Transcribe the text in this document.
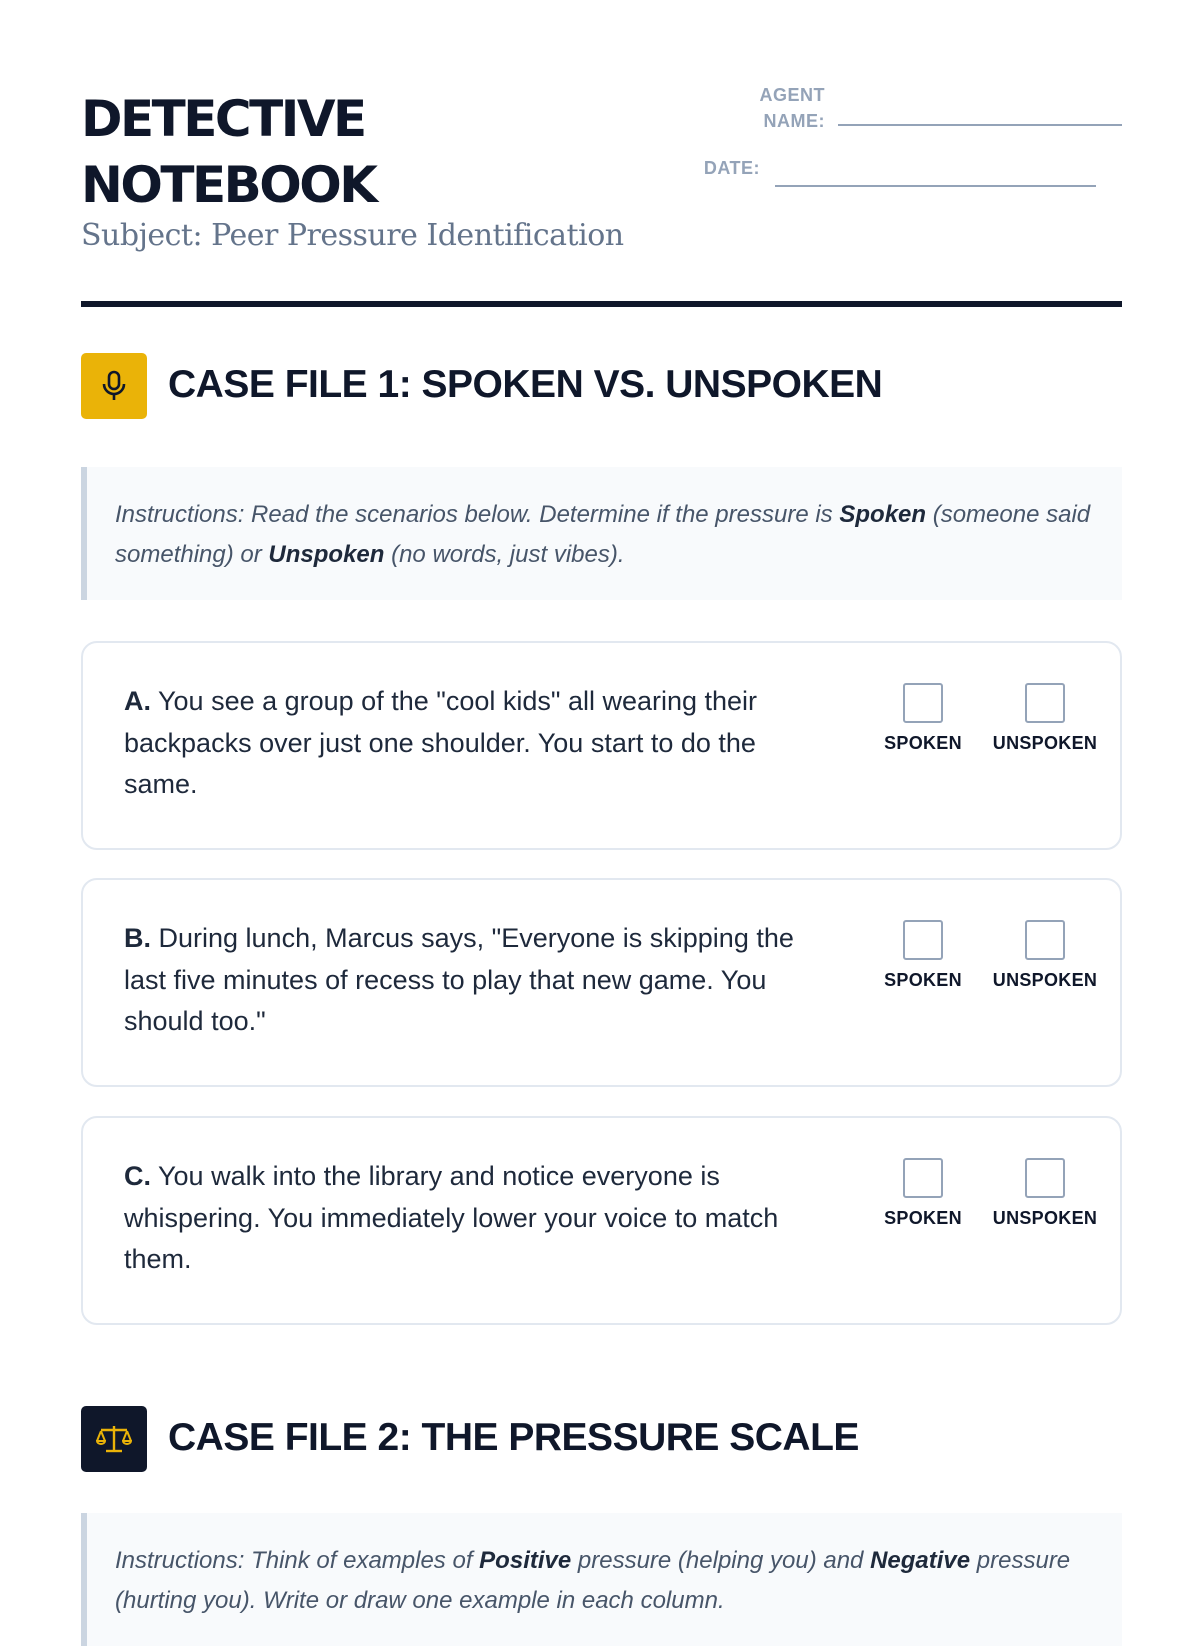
DETECTIVE
NOTEBOOK
Subject: Peer Pressure Identification
AGENT
NAME:
DATE:
CASE FILE 1: SPOKEN VS. UNSPOKEN
Instructions: Read the scenarios below. Determine if the pressure is Spoken (someone said something) or Unspoken (no words, just vibes).
A. You see a group of the "cool kids" all wearing their backpacks over just one shoulder. You start to do the same.
SPOKEN	UNSPOKEN
B. During lunch, Marcus says, "Everyone is skipping the last five minutes of recess to play that new game. You should too."
SPOKEN	UNSPOKEN
C. You walk into the library and notice everyone is whispering. You immediately lower your voice to match them.
SPOKEN	UNSPOKEN
CASE FILE 2: THE PRESSURE SCALE
Instructions: Think of examples of Positive pressure (helping you) and Negative pressure (hurting you). Write or draw one example in each column.
